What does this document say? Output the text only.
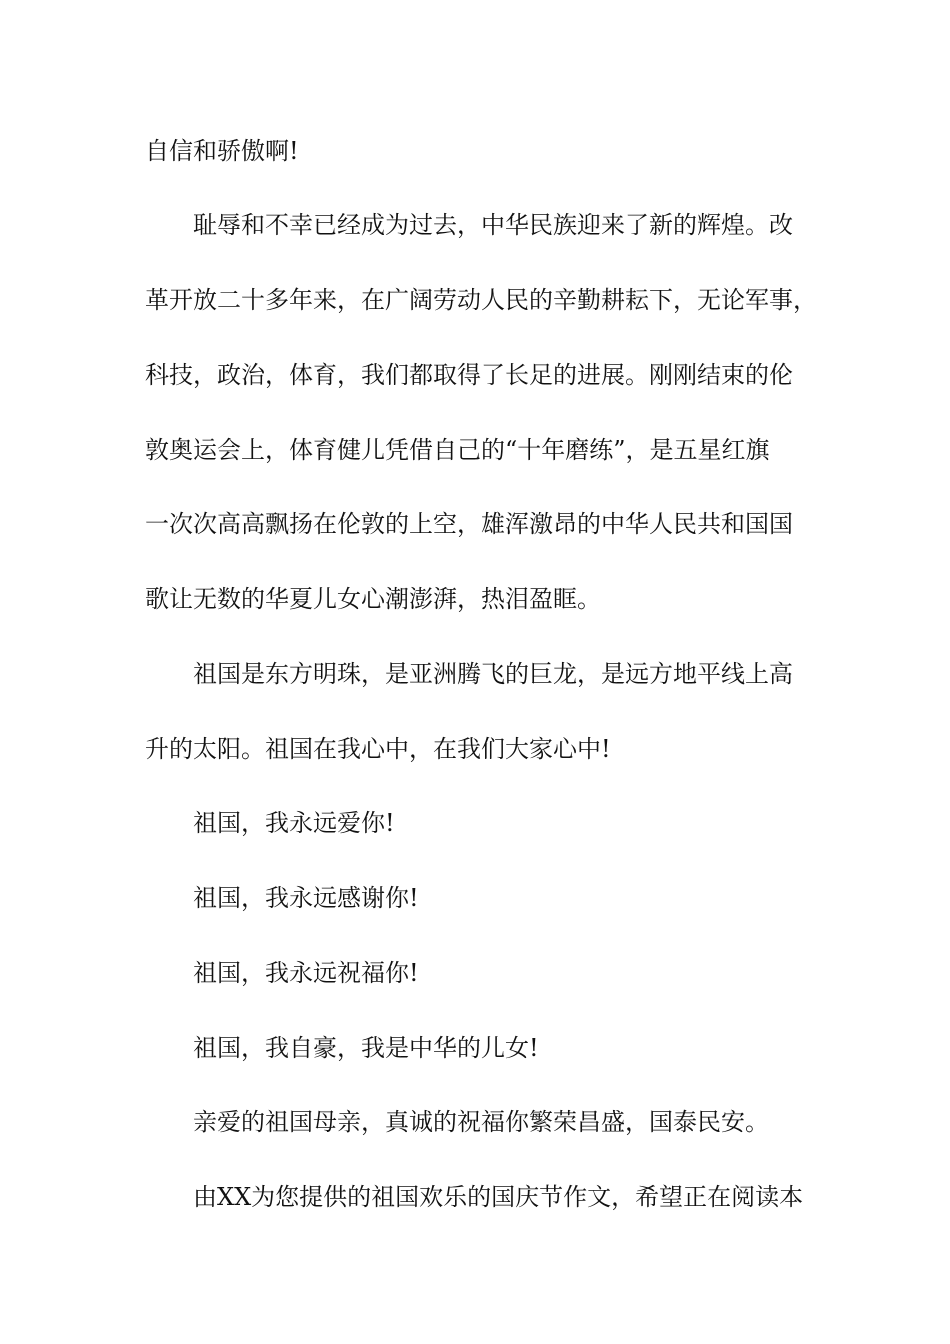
自信和骄傲啊!

耻辱和不幸已经成为过去，中华民族迎来了新的辉煌。改

革开放二十多年来，在广阔劳动人民的辛勤耕耘下，无论军事，

科技，政治，体育，我们都取得了长足的进展。刚刚结束的伦

敦奥运会上，体育健儿凭借自己的“十年磨练”，是五星红旗

一次次高高飘扬在伦敦的上空，雄浑激昂的中华人民共和国国

歌让无数的华夏儿女心潮澎湃，热泪盈眶。

祖国是东方明珠，是亚洲腾飞的巨龙，是远方地平线上高

升的太阳。祖国在我心中，在我们大家心中!

祖国，我永远爱你!

祖国，我永远感谢你!

祖国，我永远祝福你!

祖国，我自豪，我是中华的儿女!

亲爱的祖国母亲，真诚的祝福你繁荣昌盛，国泰民安。

由XX为您提供的祖国欢乐的国庆节作文，希望正在阅读本
